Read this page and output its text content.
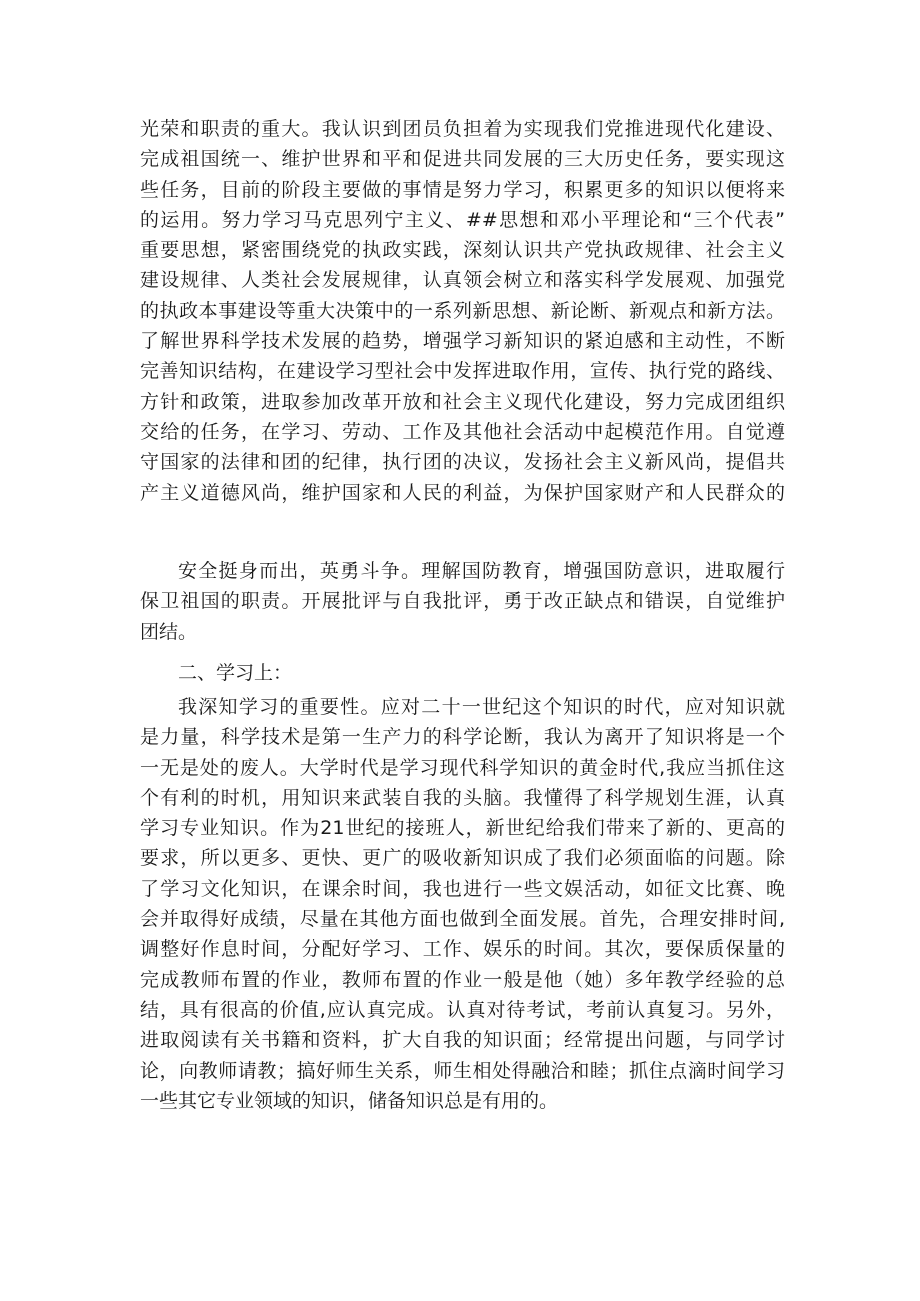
光荣和职责的重大。我认识到团员负担着为实现我们党推进现代化建设、
完成祖国统一、维护世界和平和促进共同发展的三大历史任务，要实现这
些任务，目前的阶段主要做的事情是努力学习，积累更多的知识以便将来
的运用。努力学习马克思列宁主义、##思想和邓小平理论和“三个代表”
重要思想，紧密围绕党的执政实践，深刻认识共产党执政规律、社会主义
建设规律、人类社会发展规律，认真领会树立和落实科学发展观、加强党
的执政本事建设等重大决策中的一系列新思想、新论断、新观点和新方法。
了解世界科学技术发展的趋势，增强学习新知识的紧迫感和主动性，不断
完善知识结构，在建设学习型社会中发挥进取作用，宣传、执行党的路线、
方针和政策，进取参加改革开放和社会主义现代化建设，努力完成团组织
交给的任务，在学习、劳动、工作及其他社会活动中起模范作用。自觉遵
守国家的法律和团的纪律，执行团的决议，发扬社会主义新风尚，提倡共
产主义道德风尚，维护国家和人民的利益，为保护国家财产和人民群众的
安全挺身而出，英勇斗争。理解国防教育，增强国防意识，进取履行
保卫祖国的职责。开展批评与自我批评，勇于改正缺点和错误，自觉维护
团结。
二、学习上：
我深知学习的重要性。应对二十一世纪这个知识的时代，应对知识就
是力量，科学技术是第一生产力的科学论断，我认为离开了知识将是一个
一无是处的废人。大学时代是学习现代科学知识的黄金时代,我应当抓住这
个有利的时机，用知识来武装自我的头脑。我懂得了科学规划生涯，认真
学习专业知识。作为21世纪的接班人，新世纪给我们带来了新的、更高的
要求，所以更多、更快、更广的吸收新知识成了我们必须面临的问题。除
了学习文化知识，在课余时间，我也进行一些文娱活动，如征文比赛、晚
会并取得好成绩，尽量在其他方面也做到全面发展。首先，合理安排时间,
调整好作息时间，分配好学习、工作、娱乐的时间。其次，要保质保量的
完成教师布置的作业，教师布置的作业一般是他（她）多年教学经验的总
结，具有很高的价值,应认真完成。认真对待考试，考前认真复习。另外，
进取阅读有关书籍和资料，扩大自我的知识面；经常提出问题，与同学讨
论，向教师请教；搞好师生关系，师生相处得融洽和睦；抓住点滴时间学习
一些其它专业领域的知识，储备知识总是有用的。
